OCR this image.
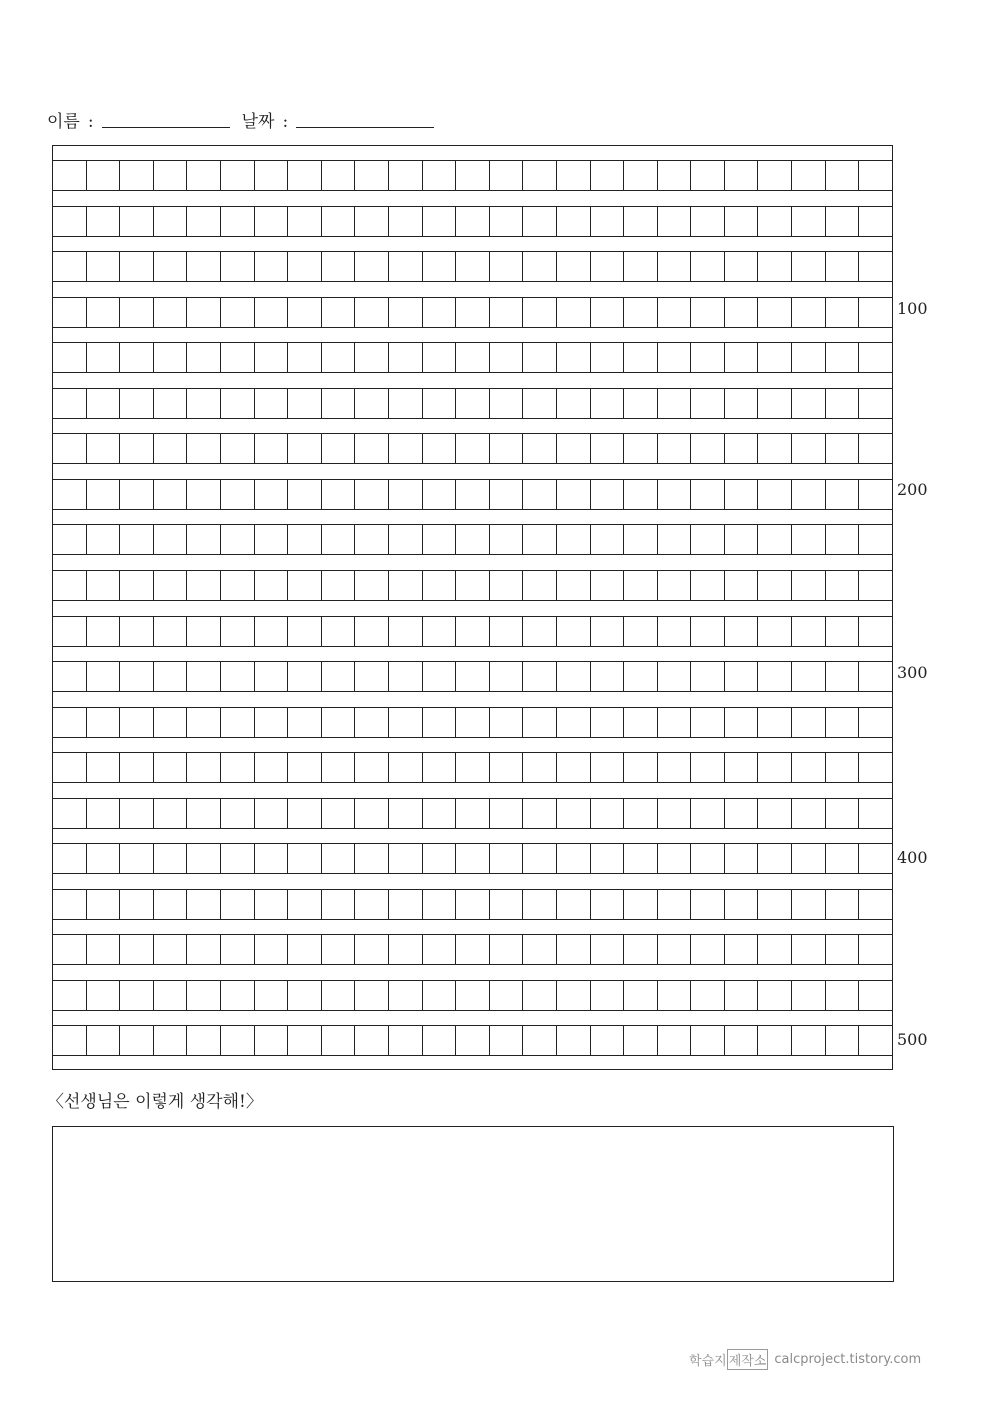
이름 :	날짜 :
100
200
300
400
500
〈선생님은 이렇게 생각해!〉
학습지 제작소 calcproject.tistory.com
